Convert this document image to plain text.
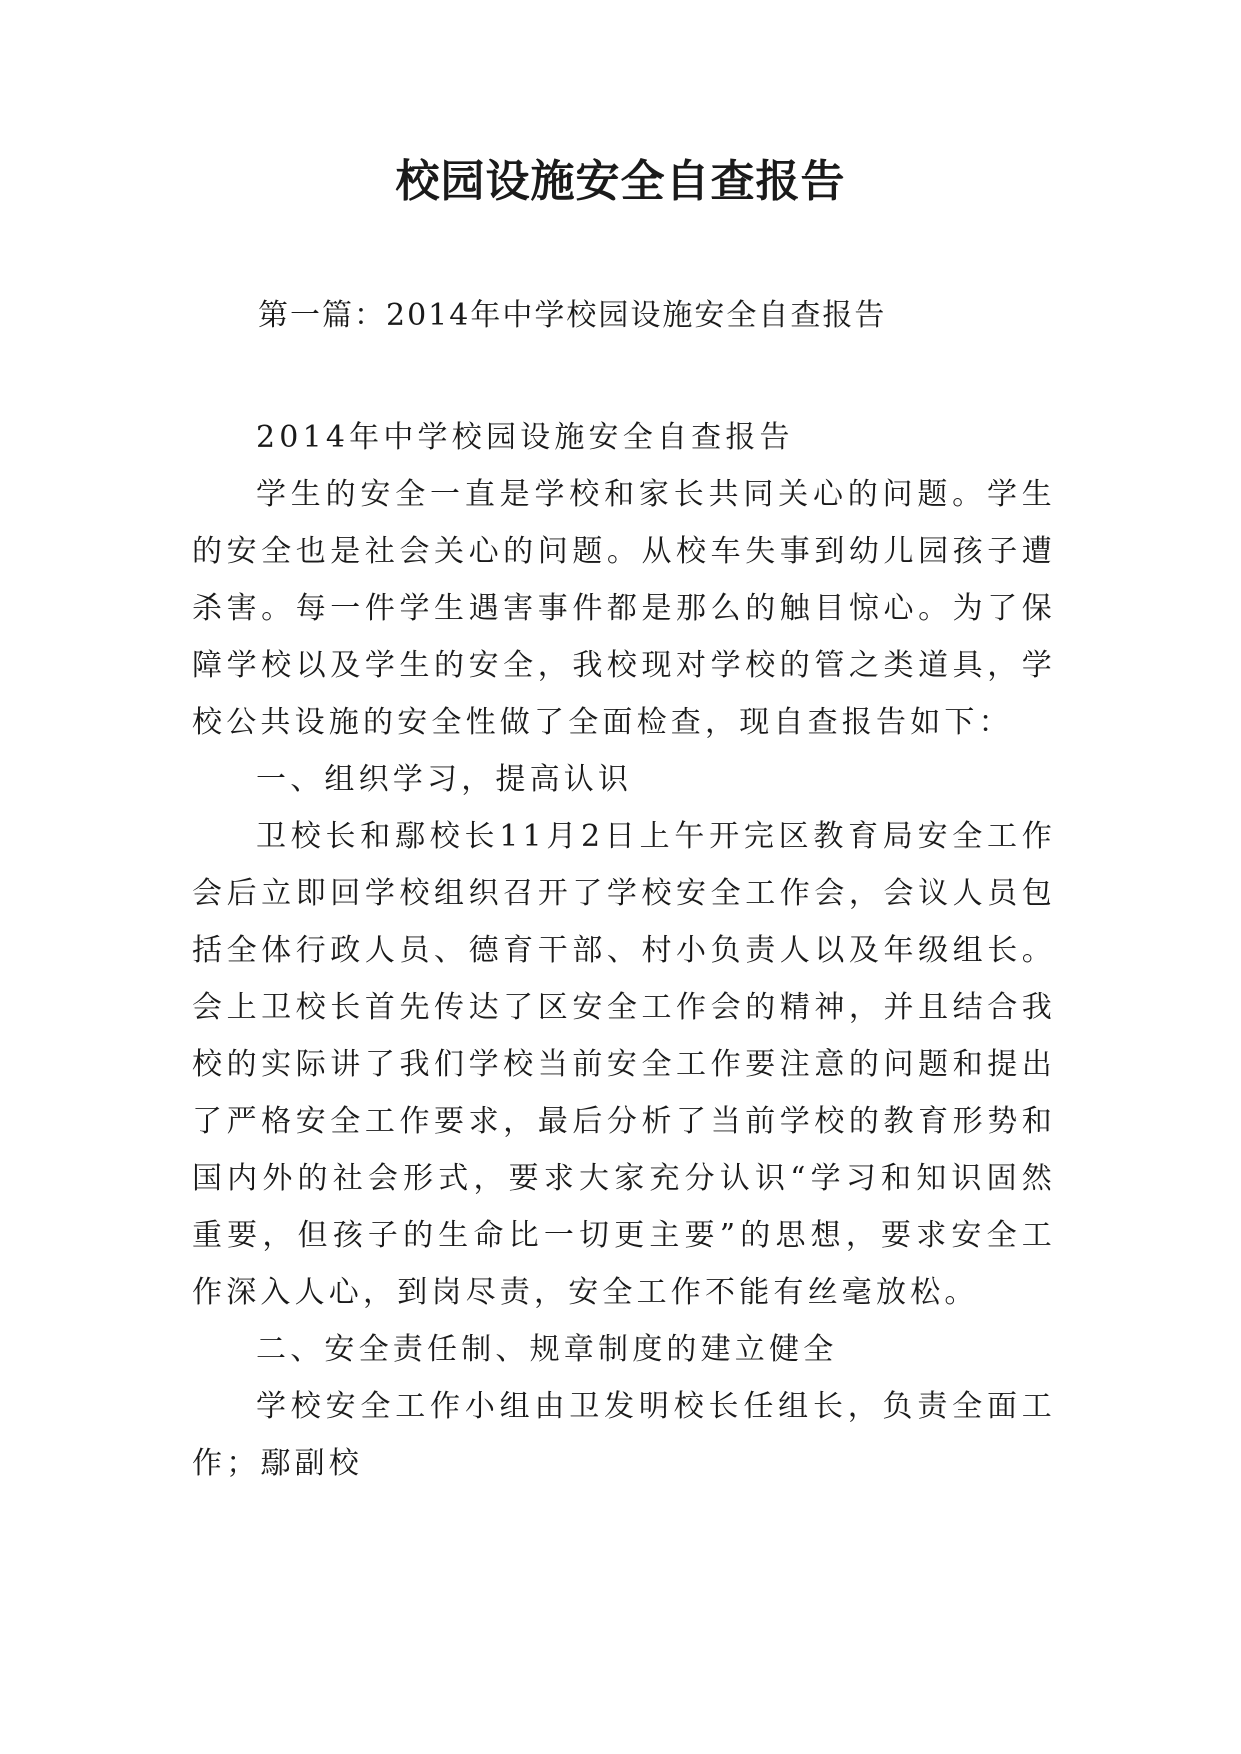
校园设施安全自查报告
第一篇：2014年中学校园设施安全自查报告

2014年中学校园设施安全自查报告

学生的安全一直是学校和家长共同关心的问题。学生的安全也是社会关心的问题。从校车失事到幼儿园孩子遭杀害。每一件学生遇害事件都是那么的触目惊心。为了保障学校以及学生的安全，我校现对学校的管之类道具，学校公共设施的安全性做了全面检查，现自查报告如下：

一、组织学习，提高认识

卫校长和鄢校长11月2日上午开完区教育局安全工作会后立即回学校组织召开了学校安全工作会，会议人员包括全体行政人员、德育干部、村小负责人以及年级组长。会上卫校长首先传达了区安全工作会的精神，并且结合我校的实际讲了我们学校当前安全工作要注意的问题和提出了严格安全工作要求，最后分析了当前学校的教育形势和国内外的社会形式，要求大家充分认识“学习和知识固然重要，但孩子的生命比一切更主要”的思想，要求安全工作深入人心，到岗尽责，安全工作不能有丝毫放松。

二、安全责任制、规章制度的建立健全

学校安全工作小组由卫发明校长任组长，负责全面工作；鄢副校
